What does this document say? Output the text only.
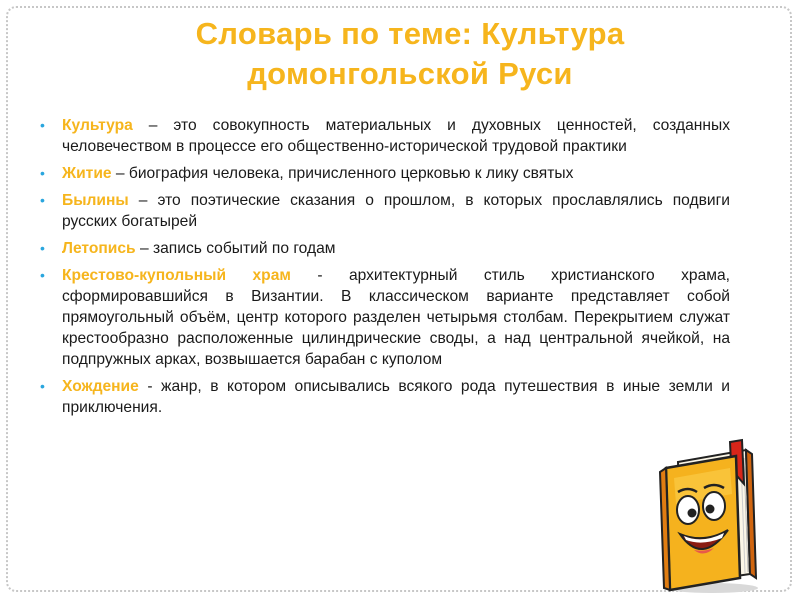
Словарь по теме: Культура
домонгольской Руси
• Культура – это совокупность материальных и духовных ценностей, созданных человечеством в процессе его общественно-исторической трудовой практики
• Житие – биография человека, причисленного церковью к лику святых
• Былины – это поэтические сказания о прошлом, в которых прославлялись подвиги русских богатырей
• Летопись – запись событий по годам
• Крестово-купольный храм - архитектурный стиль христианского храма, сформировавшийся в Византии. В классическом варианте представляет собой прямоугольный объём, центр которого разделен четырьмя столбам. Перекрытием служат крестообразно расположенные цилиндрические своды, а над центральной ячейкой, на подпружных арках, возвышается барабан с куполом
• Хождение - жанр, в котором описывались всякого рода путешествия в иные земли и приключения.
